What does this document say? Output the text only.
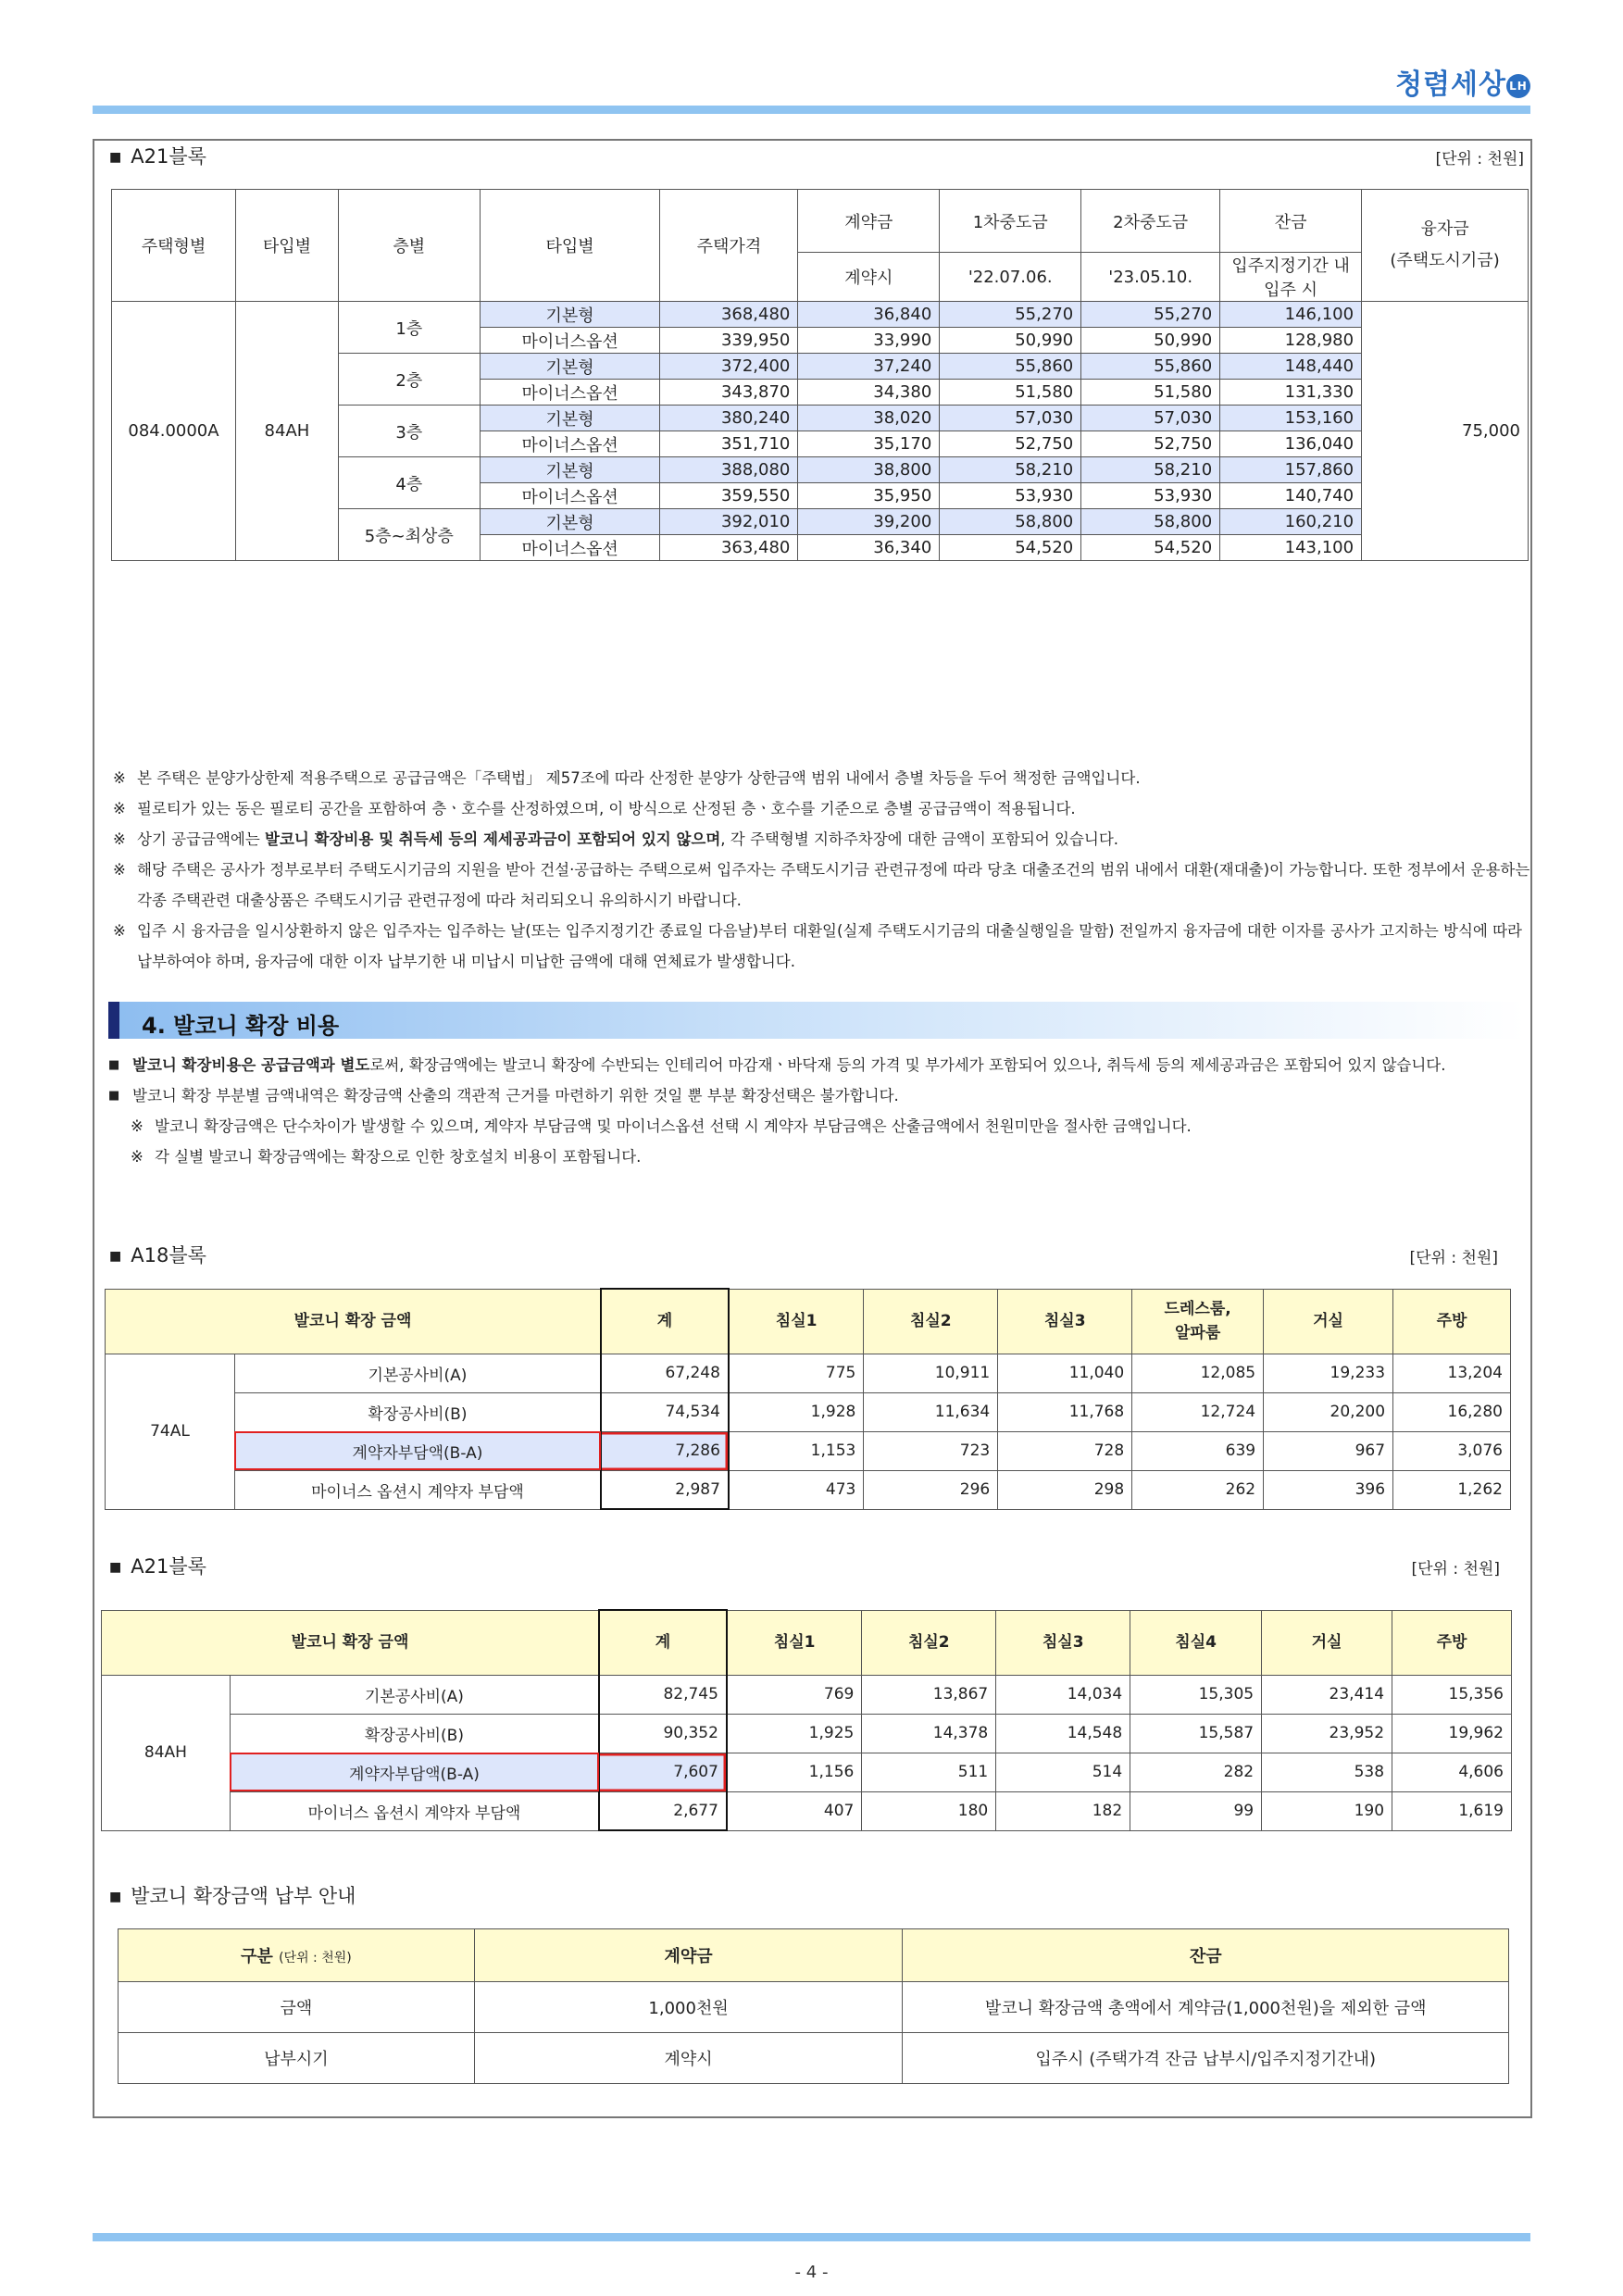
청렴세상 LH
- 4 -
■ A21블록	[단위 : 천원]
주택형별	타입별	층별	타입별	주택가격	계약금	1차중도금	2차중도금	잔금	융자금
(주택도시기금)

					계약시	'22.07.06.	'23.05.10.	입주지정기간 내 입주 시	
084.0000A	84AH	1층	기본형	368,480	36,840	55,270	55,270	146,100	75,000
			마이너스옵션	339,950	33,990	50,990	50,990	128,980	
		2층	기본형	372,400	37,240	55,860	55,860	148,440	
			마이너스옵션	343,870	34,380	51,580	51,580	131,330	
		3층	기본형	380,240	38,020	57,030	57,030	153,160	
			마이너스옵션	351,710	35,170	52,750	52,750	136,040	
		4층	기본형	388,080	38,800	58,210	58,210	157,860	
			마이너스옵션	359,550	35,950	53,930	53,930	140,740	
		5층~최상층	기본형	392,010	39,200	58,800	58,800	160,210	
			마이너스옵션	363,480	36,340	54,520	54,520	143,100	
※ 본 주택은 분양가상한제 적용주택으로 공급금액은「주택법」 제57조에 따라 산정한 분양가 상한금액 범위 내에서 층별 차등을 두어 책정한 금액입니다.
※ 필로티가 있는 동은 필로티 공간을 포함하여 층ㆍ호수를 산정하였으며, 이 방식으로 산정된 층ㆍ호수를 기준으로 층별 공급금액이 적용됩니다.
※ 상기 공급금액에는 발코니 확장비용 및 취득세 등의 제세공과금이 포함되어 있지 않으며, 각 주택형별 지하주차장에 대한 금액이 포함되어 있습니다.
※ 해당 주택은 공사가 정부로부터 주택도시기금의 지원을 받아 건설·공급하는 주택으로써 입주자는 주택도시기금 관련규정에 따라 당초 대출조건의 범위 내에서 대환(재대출)이 가능합니다. 또한 정부에서 운용하는 각종 주택관련 대출상품은 주택도시기금 관련규정에 따라 처리되오니 유의하시기 바랍니다.
※ 입주 시 융자금을 일시상환하지 않은 입주자는 입주하는 날(또는 입주지정기간 종료일 다음날)부터 대환일(실제 주택도시기금의 대출실행일을 말함) 전일까지 융자금에 대한 이자를 공사가 고지하는 방식에 따라 납부하여야 하며, 융자금에 대한 이자 납부기한 내 미납시 미납한 금액에 대해 연체료가 발생합니다.
4. 발코니 확장 비용
■ 발코니 확장비용은 공급금액과 별도로써, 확장금액에는 발코니 확장에 수반되는 인테리어 마감재ㆍ바닥재 등의 가격 및 부가세가 포함되어 있으나, 취득세 등의 제세공과금은 포함되어 있지 않습니다.
■ 발코니 확장 부분별 금액내역은 확장금액 산출의 객관적 근거를 마련하기 위한 것일 뿐 부분 확장선택은 불가합니다.
※ 발코니 확장금액은 단수차이가 발생할 수 있으며, 계약자 부담금액 및 마이너스옵션 선택 시 계약자 부담금액은 산출금액에서 천원미만을 절사한 금액입니다.
※ 각 실별 발코니 확장금액에는 확장으로 인한 창호설치 비용이 포함됩니다.
■ A18블록	[단위 : 천원]
발코니 확장 금액		계	침실1	침실2	침실3	드레스룸,
알파룸	거실	주방
74AL	기본공사비(A)	67,248	775	10,911	11,040	12,085	19,233	13,204
	확장공사비(B)	74,534	1,928	11,634	11,768	12,724	20,200	16,280
	계약자부담액(B-A)	7,286	1,153	723	728	639	967	3,076
	마이너스 옵션시 계약자 부담액	2,987	473	296	298	262	396	1,262
■ A21블록	[단위 : 천원]
발코니 확장 금액		계	침실1	침실2	침실3	침실4	거실	주방
84AH	기본공사비(A)	82,745	769	13,867	14,034	15,305	23,414	15,356
	확장공사비(B)	90,352	1,925	14,378	14,548	15,587	23,952	19,962
	계약자부담액(B-A)	7,607	1,156	511	514	282	538	4,606
	마이너스 옵션시 계약자 부담액	2,677	407	180	182	99	190	1,619
■ 발코니 확장금액 납부 안내
구분 (단위 : 천원)	계약금	잔금
금액	1,000천원	발코니 확장금액 총액에서 계약금(1,000천원)을 제외한 금액
납부시기	계약시	입주시 (주택가격 잔금 납부시/입주지정기간내)
